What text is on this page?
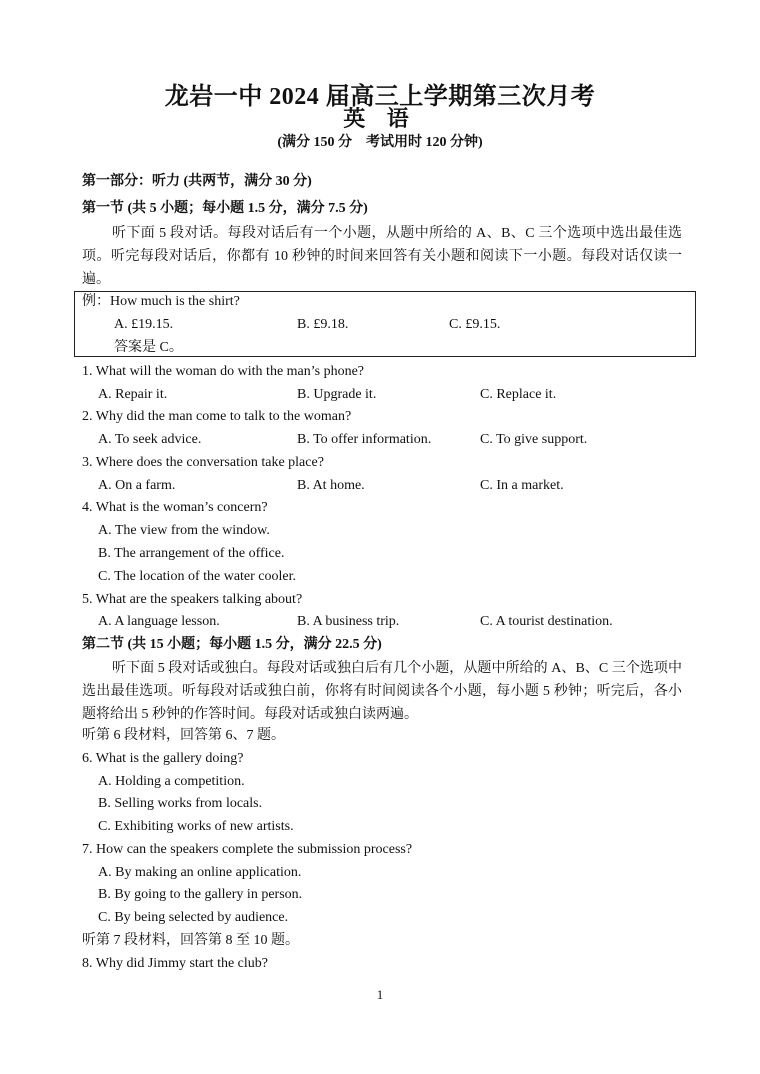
龙岩一中 2024 届高三上学期第三次月考
英 语
(满分 150 分　考试用时 120 分钟)
第一部分：听力 (共两节，满分 30 分)
第一节 (共 5 小题；每小题 1.5 分，满分 7.5 分)
听下面 5 段对话。每段对话后有一个小题，从题中所给的 A、B、C 三个选项中选出最佳选项。听完每段对话后，你都有 10 秒钟的时间来回答有关小题和阅读下一小题。每段对话仅读一遍。
例：How much is the shirt?
A. £19.15.	B. £9.18.	C. £9.15.
答案是 C。
1. What will the woman do with the man’s phone?
A. Repair it.	B. Upgrade it.	C. Replace it.
2. Why did the man come to talk to the woman?
A. To seek advice.	B. To offer information.	C. To give support.
3. Where does the conversation take place?
A. On a farm.	B. At home.	C. In a market.
4. What is the woman’s concern?
A. The view from the window.
B. The arrangement of the office.
C. The location of the water cooler.
5. What are the speakers talking about?
A. A language lesson.	B. A business trip.	C. A tourist destination.
第二节 (共 15 小题；每小题 1.5 分，满分 22.5 分)
听下面 5 段对话或独白。每段对话或独白后有几个小题，从题中所给的 A、B、C 三个选项中选出最佳选项。听每段对话或独白前，你将有时间阅读各个小题，每小题 5 秒钟；听完后，各小题将给出 5 秒钟的作答时间。每段对话或独白读两遍。
听第 6 段材料，回答第 6、7 题。
6. What is the gallery doing?
A. Holding a competition.
B. Selling works from locals.
C. Exhibiting works of new artists.
7. How can the speakers complete the submission process?
A. By making an online application.
B. By going to the gallery in person.
C. By being selected by audience.
听第 7 段材料，回答第 8 至 10 题。
8. Why did Jimmy start the club?
1
